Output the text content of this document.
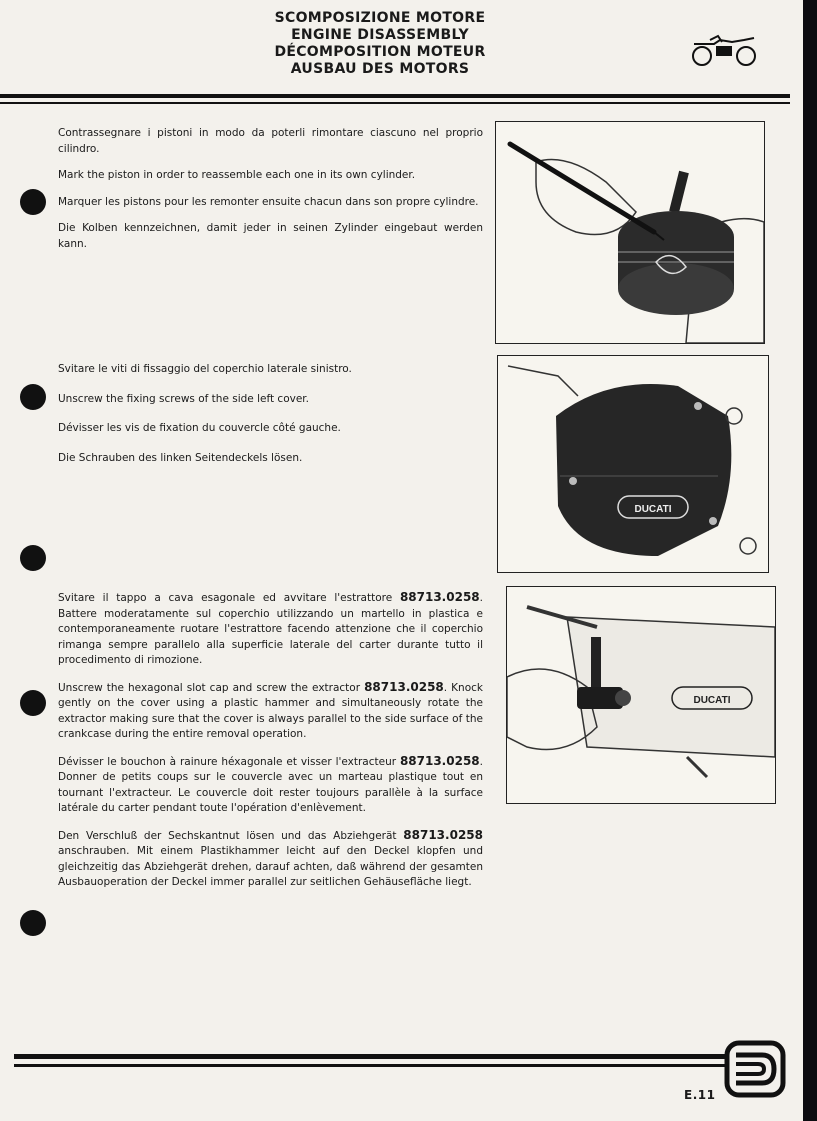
SCOMPOSIZIONE MOTORE
ENGINE DISASSEMBLY
DÉCOMPOSITION MOTEUR
AUSBAU DES MOTORS

Contrassegnare i pistoni in modo da poterli rimontare ciascuno nel proprio cilindro.

Mark the piston in order to reassemble each one in its own cylinder.

Marquer les pistons pour les remonter ensuite chacun dans son propre cylindre.

Die Kolben kennzeichnen, damit jeder in seinen Zylinder eingebaut werden kann.

Svitare le viti di fissaggio del coperchio laterale sinistro.

Unscrew the fixing screws of the side left cover.

Dévisser les vis de fixation du couvercle côté gauche.

Die Schrauben des linken Seitendeckels lösen.

DUCATI

Svitare il tappo a cava esagonale ed avvitare l'estrattore 88713.0258. Battere moderatamente sul coperchio utilizzando un martello in plastica e contemporaneamente ruotare l'estrattore facendo attenzione che il coperchio rimanga sempre parallelo alla superficie laterale del carter durante tutto il procedimento di rimozione.

Unscrew the hexagonal slot cap and screw the extractor 88713.0258. Knock gently on the cover using a plastic hammer and simultaneously rotate the extractor making sure that the cover is always parallel to the side surface of the crankcase during the entire removal operation.

Dévisser le bouchon à rainure héxagonale et visser l'extracteur 88713.0258. Donner de petits coups sur le couvercle avec un marteau plastique tout en tournant l'extracteur. Le couvercle doit rester toujours parallèle à la surface latérale du carter pendant toute l'opération d'enlèvement.

Den Verschluß der Sechskantnut lösen und das Abziehgerät 88713.0258 anschrauben. Mit einem Plastikhammer leicht auf den Deckel klopfen und gleichzeitig das Abziehgerät drehen, darauf achten, daß während der gesamten Ausbauoperation der Deckel immer parallel zur seitlichen Gehäusefläche liegt.

DUCATI
E.11
